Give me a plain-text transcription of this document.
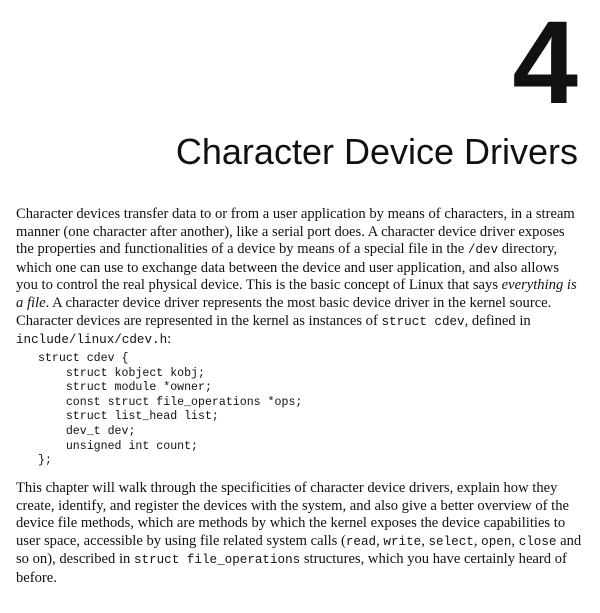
4
Character Device Drivers

Character devices transfer data to or from a user application by means of characters, in a stream manner (one character after another), like a serial port does. A character device driver exposes the properties and functionalities of a device by means of a special file in the /dev directory, which one can use to exchange data between the device and user application, and also allows you to control the real physical device. This is the basic concept of Linux that says everything is a file. A character device driver represents the most basic device driver in the kernel source. Character devices are represented in the kernel as instances of struct cdev, defined in include/linux/cdev.h:

struct cdev {
struct kobject kobj;
struct module *owner;
const struct file_operations *ops;
struct list_head list;
dev_t dev;
unsigned int count;
};

This chapter will walk through the specificities of character device drivers, explain how they create, identify, and register the devices with the system, and also give a better overview of the device file methods, which are methods by which the kernel exposes the device capabilities to user space, accessible by using file related system calls (read, write, select, open, close and so on), described in struct file_operations structures, which you have certainly heard of before.
